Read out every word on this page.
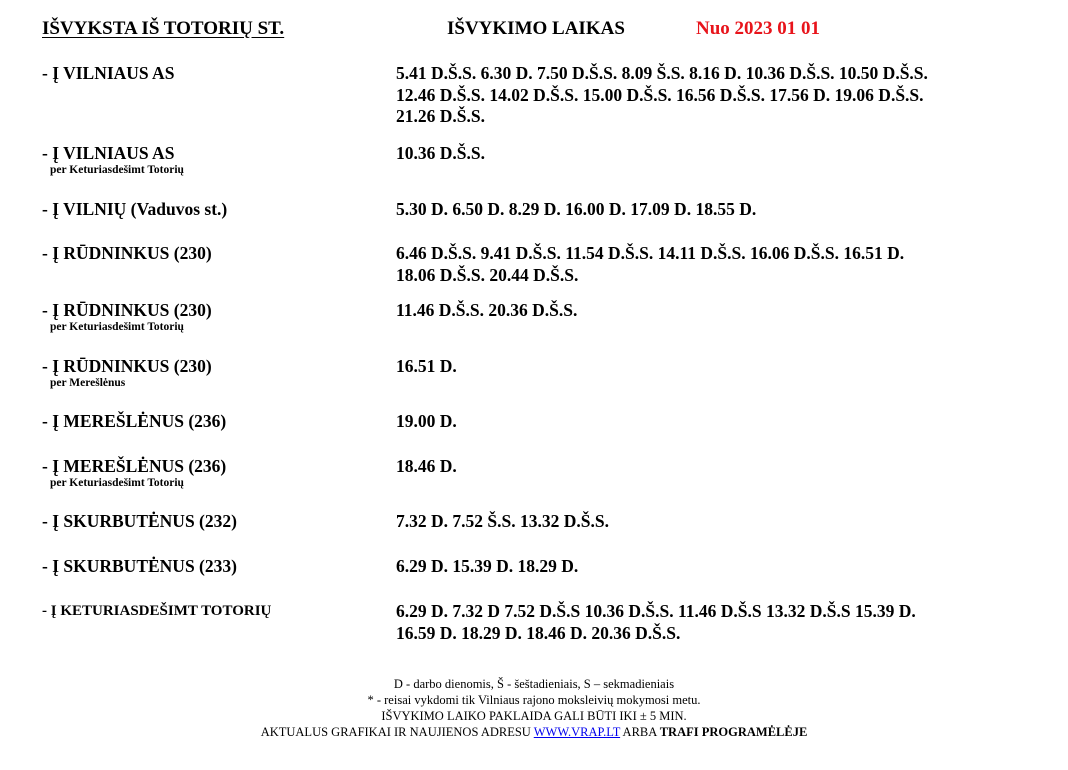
IŠVYKSTA IŠ TOTORIŲ ST.	IŠVYKIMO LAIKAS	Nuo 2023 01 01
- Į VILNIAUS AS	5.41 D.Š.S. 6.30 D. 7.50 D.Š.S. 8.09 Š.S. 8.16 D. 10.36 D.Š.S. 10.50 D.Š.S.
12.46 D.Š.S. 14.02 D.Š.S. 15.00 D.Š.S. 16.56 D.Š.S. 17.56 D. 19.06 D.Š.S.
21.26 D.Š.S.
- Į VILNIAUS AS
per Keturiasdešimt Totorių
10.36 D.Š.S.
- Į VILNIŲ (Vaduvos st.)	5.30 D. 6.50 D. 8.29 D. 16.00 D. 17.09 D. 18.55 D.
- Į RŪDNINKUS (230)	6.46 D.Š.S. 9.41 D.Š.S. 11.54 D.Š.S. 14.11 D.Š.S. 16.06 D.Š.S. 16.51 D.
18.06 D.Š.S. 20.44 D.Š.S.
- Į RŪDNINKUS (230)
per Keturiasdešimt Totorių
11.46 D.Š.S. 20.36 D.Š.S.
- Į RŪDNINKUS (230)
per Merešlėnus
16.51 D.
- Į MEREŠLĖNUS (236)	19.00 D.
- Į MEREŠLĖNUS (236)
per Keturiasdešimt Totorių
18.46 D.
- Į SKURBUTĖNUS (232)	7.32 D. 7.52 Š.S. 13.32 D.Š.S.
- Į SKURBUTĖNUS (233)	6.29 D. 15.39 D. 18.29 D.
- Į KETURIASDEŠIMT TOTORIŲ	6.29 D. 7.32 D 7.52 D.Š.S 10.36 D.Š.S. 11.46 D.Š.S 13.32 D.Š.S 15.39 D.
16.59 D. 18.29 D. 18.46 D. 20.36 D.Š.S.
D - darbo dienomis, Š - šeštadieniais, S – sekmadieniais
* - reisai vykdomi tik Vilniaus rajono moksleivių mokymosi metu.
IŠVYKIMO LAIKO PAKLAIDA GALI BŪTI IKI ± 5 MIN.
AKTUALUS GRAFIKAI IR NAUJIENOS ADRESU WWW.VRAP.LT ARBA TRAFI PROGRAMĖLĖJE
